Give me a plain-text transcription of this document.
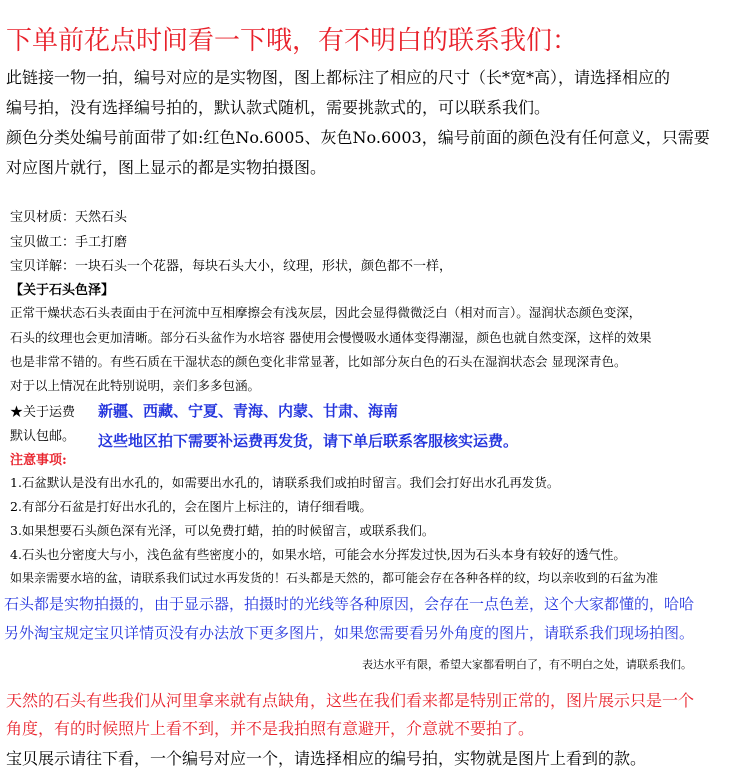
下单前花点时间看一下哦，有不明白的联系我们：
此链接一物一拍，编号对应的是实物图，图上都标注了相应的尺寸（长*宽*高），请选择相应的
编号拍，没有选择编号拍的，默认款式随机，需要挑款式的，可以联系我们。
颜色分类处编号前面带了如:红色No.6005、灰色No.6003，编号前面的颜色没有任何意义，只需要
对应图片就行，图上显示的都是实物拍摄图。
宝贝材质：天然石头
宝贝做工：手工打磨
宝贝详解：一块石头一个花器，每块石头大小，纹理，形状，颜色都不一样，
【关于石头色泽】
正常干燥状态石头表面由于在河流中互相摩擦会有浅灰层，因此会显得微微泛白（相对而言）。湿润状态颜色变深，
石头的纹理也会更加清晰。部分石头盆作为水培容 器使用会慢慢吸水通体变得潮湿，颜色也就自然变深，这样的效果
也是非常不错的。有些石质在干湿状态的颜色变化非常显著，比如部分灰白色的石头在湿润状态会 显现深青色。
对于以上情况在此特别说明，亲们多多包涵。
★关于运费 新疆、西藏、宁夏、青海、内蒙、甘肃、海南
默认包邮。 这些地区拍下需要补运费再发货，请下单后联系客服核实运费。
注意事项:
1.石盆默认是没有出水孔的，如需要出水孔的，请联系我们或拍时留言。我们会打好出水孔再发货。
2.有部分石盆是打好出水孔的，会在图片上标注的，请仔细看哦。
3.如果想要石头颜色深有光泽，可以免费打蜡，拍的时候留言，或联系我们。
4.石头也分密度大与小，浅色盆有些密度小的，如果水培，可能会水分挥发过快,因为石头本身有较好的透气性。
如果亲需要水培的盆，请联系我们试过水再发货的！石头都是天然的，都可能会存在各种各样的纹，均以亲收到的石盆为准
石头都是实物拍摄的，由于显示器，拍摄时的光线等各种原因，会存在一点色差，这个大家都懂的，哈哈
另外淘宝规定宝贝详情页没有办法放下更多图片，如果您需要看另外角度的图片，请联系我们现场拍图。
表达水平有限，希望大家都看明白了，有不明白之处，请联系我们。
天然的石头有些我们从河里拿来就有点缺角，这些在我们看来都是特别正常的，图片展示只是一个
角度，有的时候照片上看不到，并不是我拍照有意避开，介意就不要拍了。
宝贝展示请往下看，一个编号对应一个，请选择相应的编号拍，实物就是图片上看到的款。
